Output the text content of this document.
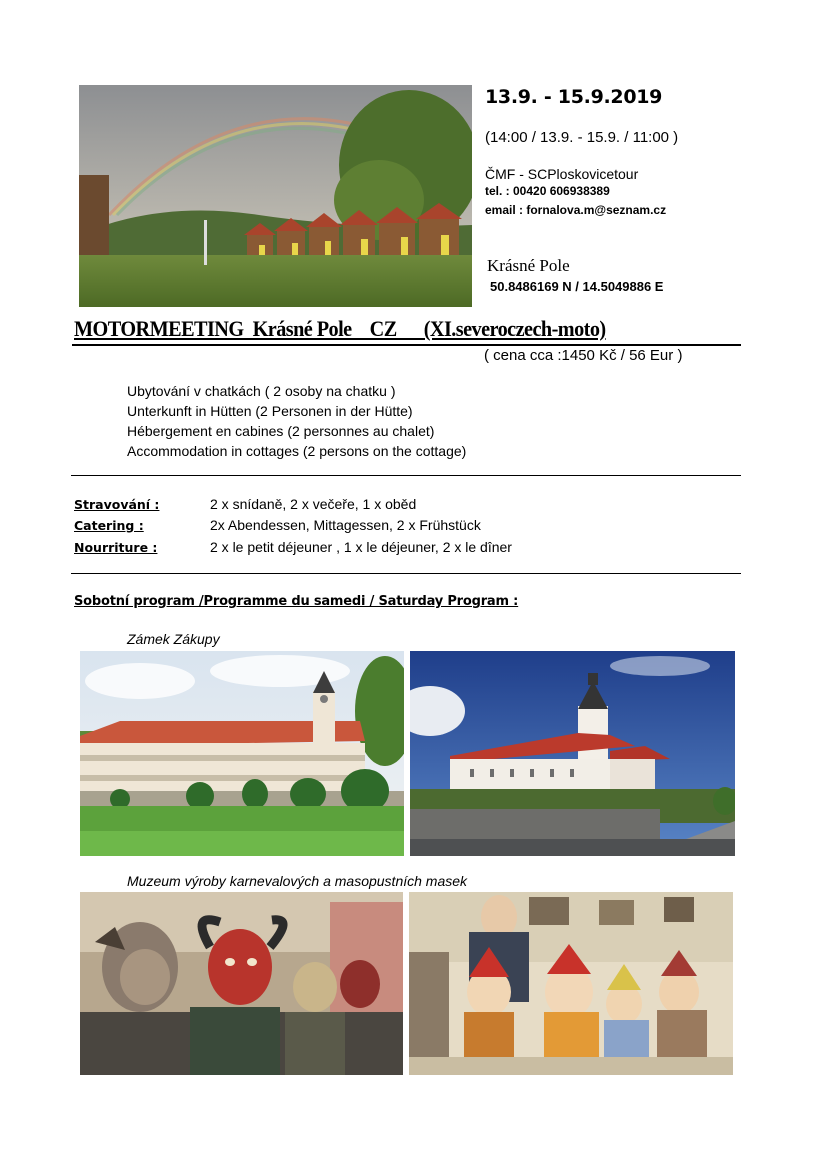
13.9. - 15.9.2019
(14:00 / 13.9. - 15.9. / 11:00 )
ČMF - SCPloskovicetour
tel. : 00420 606938389
email : fornalova.m@seznam.cz
Krásné Pole
50.8486169 N / 14.5049886 E
MOTORMEETING  Krásné Pole    CZ      (XI.severoczech-moto)
( cena cca :1450 Kč / 56 Eur )
Ubytování v chatkách ( 2 osoby na chatku )
Unterkunft in Hütten (2 Personen in der Hütte)
Hébergement en cabines (2 personnes au chalet)
Accommodation in cottages (2 persons on the cottage)
Stravování :	2 x snídaně, 2 x večeře, 1 x oběd
Catering :	2x Abendessen, Mittagessen, 2 x Frühstück
Nourriture :	2 x le petit déjeuner , 1 x le déjeuner, 2 x le dîner
Sobotní program /Programme du samedi / Saturday Program :
Zámek Zákupy
Muzeum výroby karnevalových a masopustních masek
